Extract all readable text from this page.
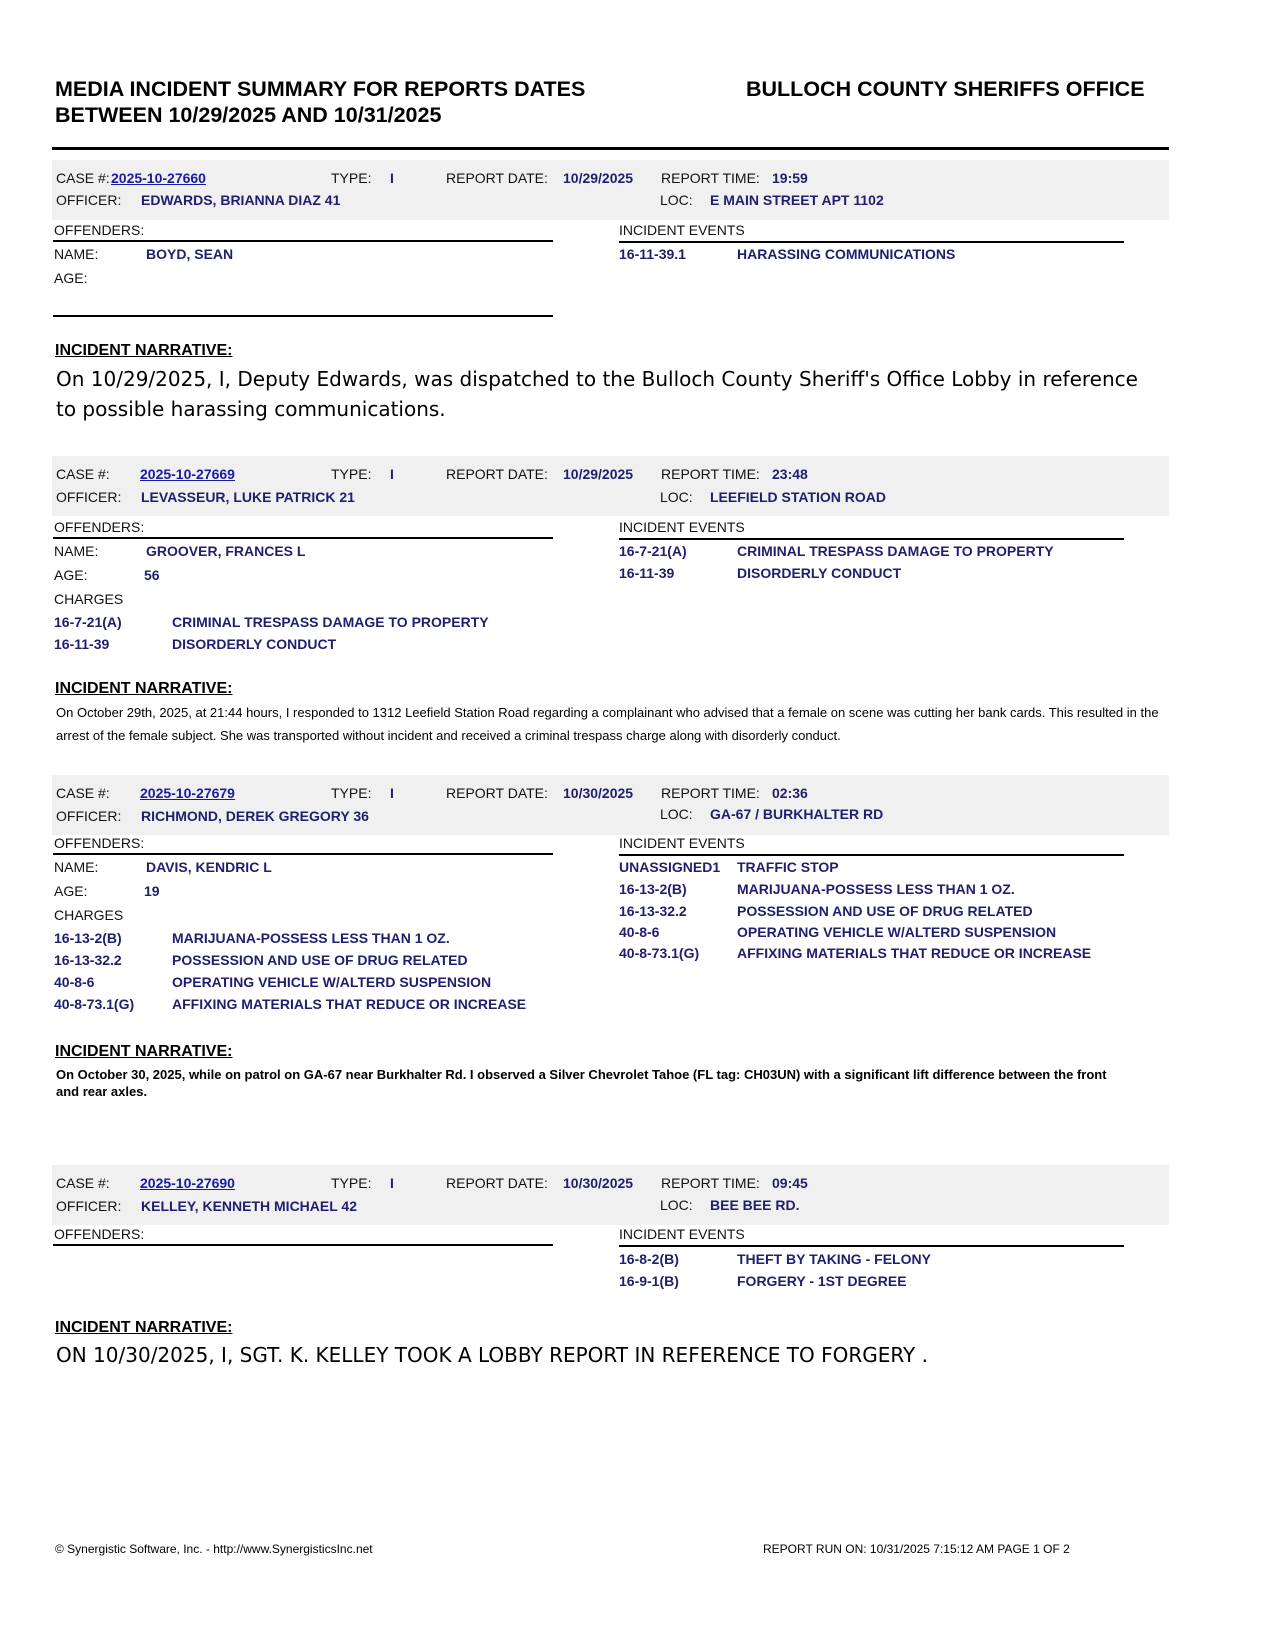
MEDIA INCIDENT SUMMARY FOR REPORTS DATES BETWEEN 10/29/2025 AND 10/31/2025
BULLOCH COUNTY SHERIFFS OFFICE
CASE #: 2025-10-27660	TYPE: I	REPORT DATE: 10/29/2025 REPORT TIME: 19:59
OFFICER: EDWARDS, BRIANNA DIAZ 41	LOC: E MAIN STREET APT 1102
OFFENDERS:	INCIDENT EVENTS
NAME:	BOYD, SEAN
AGE:
16-11-39.1	HARASSING COMMUNICATIONS
INCIDENT NARRATIVE:
On 10/29/2025, I, Deputy Edwards, was dispatched to the Bulloch County Sheriff's Office Lobby in reference to possible harassing communications.
CASE #: 2025-10-27669	TYPE: I	REPORT DATE: 10/29/2025 REPORT TIME: 23:48
OFFICER: LEVASSEUR, LUKE PATRICK 21	LOC: LEEFIELD STATION ROAD
OFFENDERS:	INCIDENT EVENTS
NAME:	GROOVER, FRANCES L
AGE:	56
CHARGES
16-7-21(A)	CRIMINAL TRESPASS DAMAGE TO PROPERTY
16-11-39	DISORDERLY CONDUCT
16-7-21(A)	CRIMINAL TRESPASS DAMAGE TO PROPERTY
16-11-39	DISORDERLY CONDUCT
INCIDENT NARRATIVE:
On October 29th, 2025, at 21:44 hours, I responded to 1312 Leefield Station Road regarding a complainant who advised that a female on scene was cutting her bank cards. This resulted in the arrest of the female subject. She was transported without incident and received a criminal trespass charge along with disorderly conduct.
CASE #: 2025-10-27679	TYPE: I	REPORT DATE: 10/30/2025 REPORT TIME: 02:36
OFFICER: RICHMOND, DEREK GREGORY 36	LOC: GA-67 / BURKHALTER RD
OFFENDERS:	INCIDENT EVENTS
NAME:	DAVIS, KENDRIC L
AGE:	19
CHARGES
16-13-2(B)	MARIJUANA-POSSESS LESS THAN 1 OZ.
16-13-32.2	POSSESSION AND USE OF DRUG RELATED
40-8-6	OPERATING VEHICLE W/ALTERD SUSPENSION
40-8-73.1(G)	AFFIXING MATERIALS THAT REDUCE OR INCREASE
UNASSIGNED1 TRAFFIC STOP
16-13-2(B)	MARIJUANA-POSSESS LESS THAN 1 OZ.
16-13-32.2	POSSESSION AND USE OF DRUG RELATED
40-8-6	OPERATING VEHICLE W/ALTERD SUSPENSION
40-8-73.1(G)	AFFIXING MATERIALS THAT REDUCE OR INCREASE
INCIDENT NARRATIVE:
On October 30, 2025, while on patrol on GA-67 near Burkhalter Rd. I observed a Silver Chevrolet Tahoe (FL tag: CH03UN) with a significant lift difference between the front and rear axles.
CASE #: 2025-10-27690	TYPE: I	REPORT DATE: 10/30/2025 REPORT TIME: 09:45
OFFICER: KELLEY, KENNETH MICHAEL 42	LOC: BEE BEE RD.
OFFENDERS:	INCIDENT EVENTS
16-8-2(B)	THEFT BY TAKING - FELONY
16-9-1(B)	FORGERY - 1ST DEGREE
INCIDENT NARRATIVE:
ON 10/30/2025, I, SGT. K. KELLEY TOOK A LOBBY REPORT IN REFERENCE TO FORGERY .
© Synergistic Software, Inc. - http://www.SynergisticsInc.net	REPORT RUN ON: 10/31/2025 7:15:12 AM PAGE 1 OF 2
